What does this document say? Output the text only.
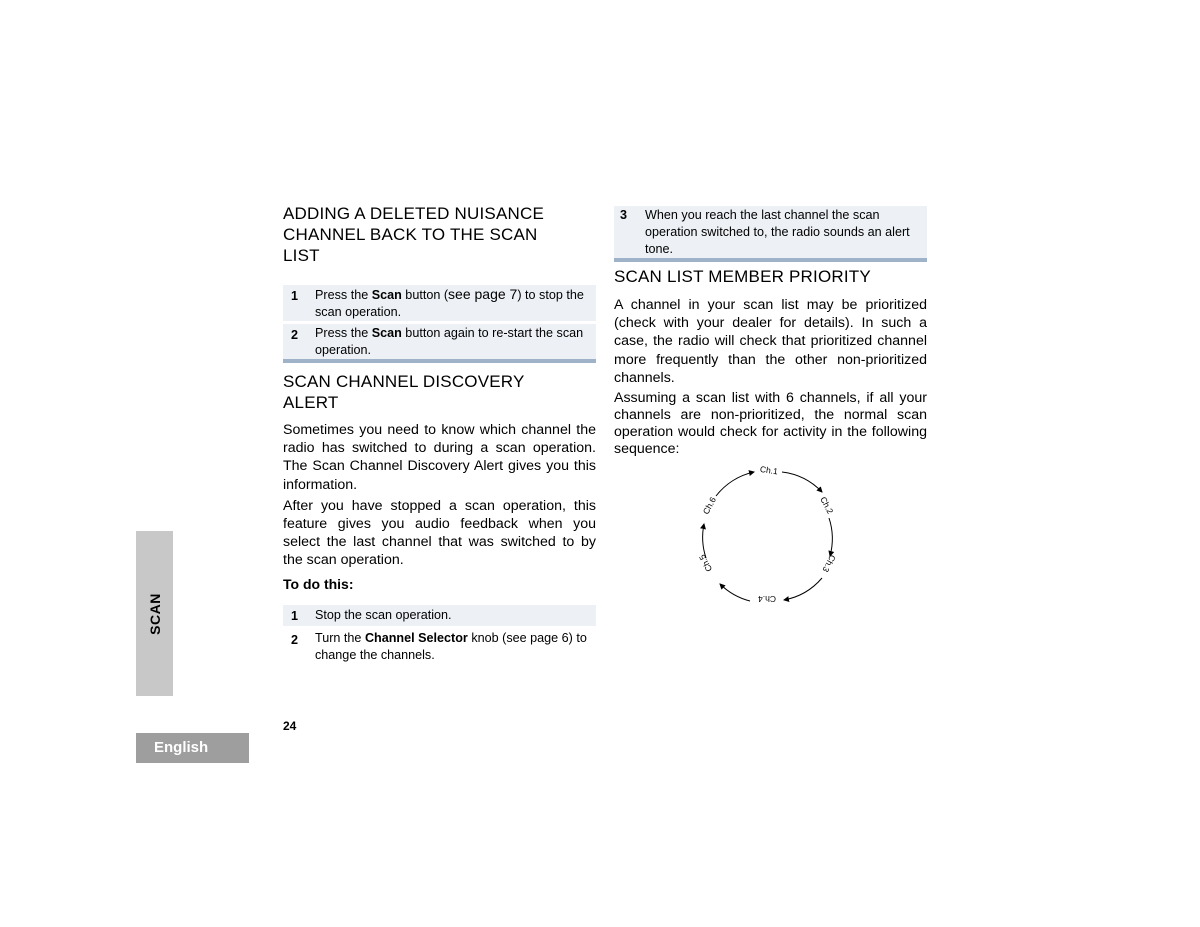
SCAN
English
24
ADDING A DELETED NUISANCE
CHANNEL BACK TO THE SCAN
LIST
1	Press the Scan button (see page 7) to stop the scan operation.
2	Press the Scan button again to re-start the scan operation.
SCAN CHANNEL DISCOVERY
ALERT

Sometimes you need to know which channel the radio has switched to during a scan operation. The Scan Channel Discovery Alert gives you this information.

After you have stopped a scan operation, this feature gives you audio feedback when you select the last channel that was switched to by the scan operation.

To do this:
1	Stop the scan operation.
2	Turn the Channel Selector knob (see page 6) to change the channels.
3	When you reach the last channel the scan operation switched to, the radio sounds an alert tone.
SCAN LIST MEMBER PRIORITY

A channel in your scan list may be prioritized (check with your dealer for details). In such a case, the radio will check that prioritized channel more frequently than the other non-prioritized channels.

Assuming a scan list with 6 channels, if all your channels are non-prioritized, the normal scan operation would check for activity in the following sequence:

Ch.1
Ch.2
Ch.3
Ch.4
Ch.5
Ch.6
